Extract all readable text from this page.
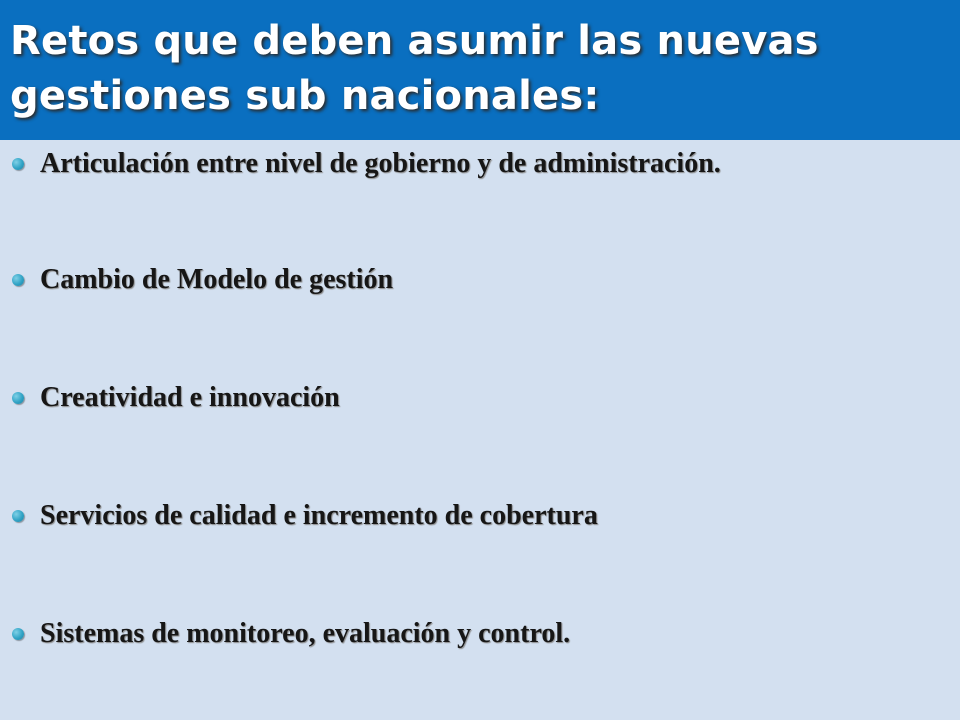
Retos que deben asumir las nuevas
gestiones sub nacionales:
Articulación entre nivel de gobierno y de administración.
Cambio de Modelo de gestión
Creatividad e innovación
Servicios de calidad e incremento de cobertura
Sistemas de monitoreo, evaluación y control.
